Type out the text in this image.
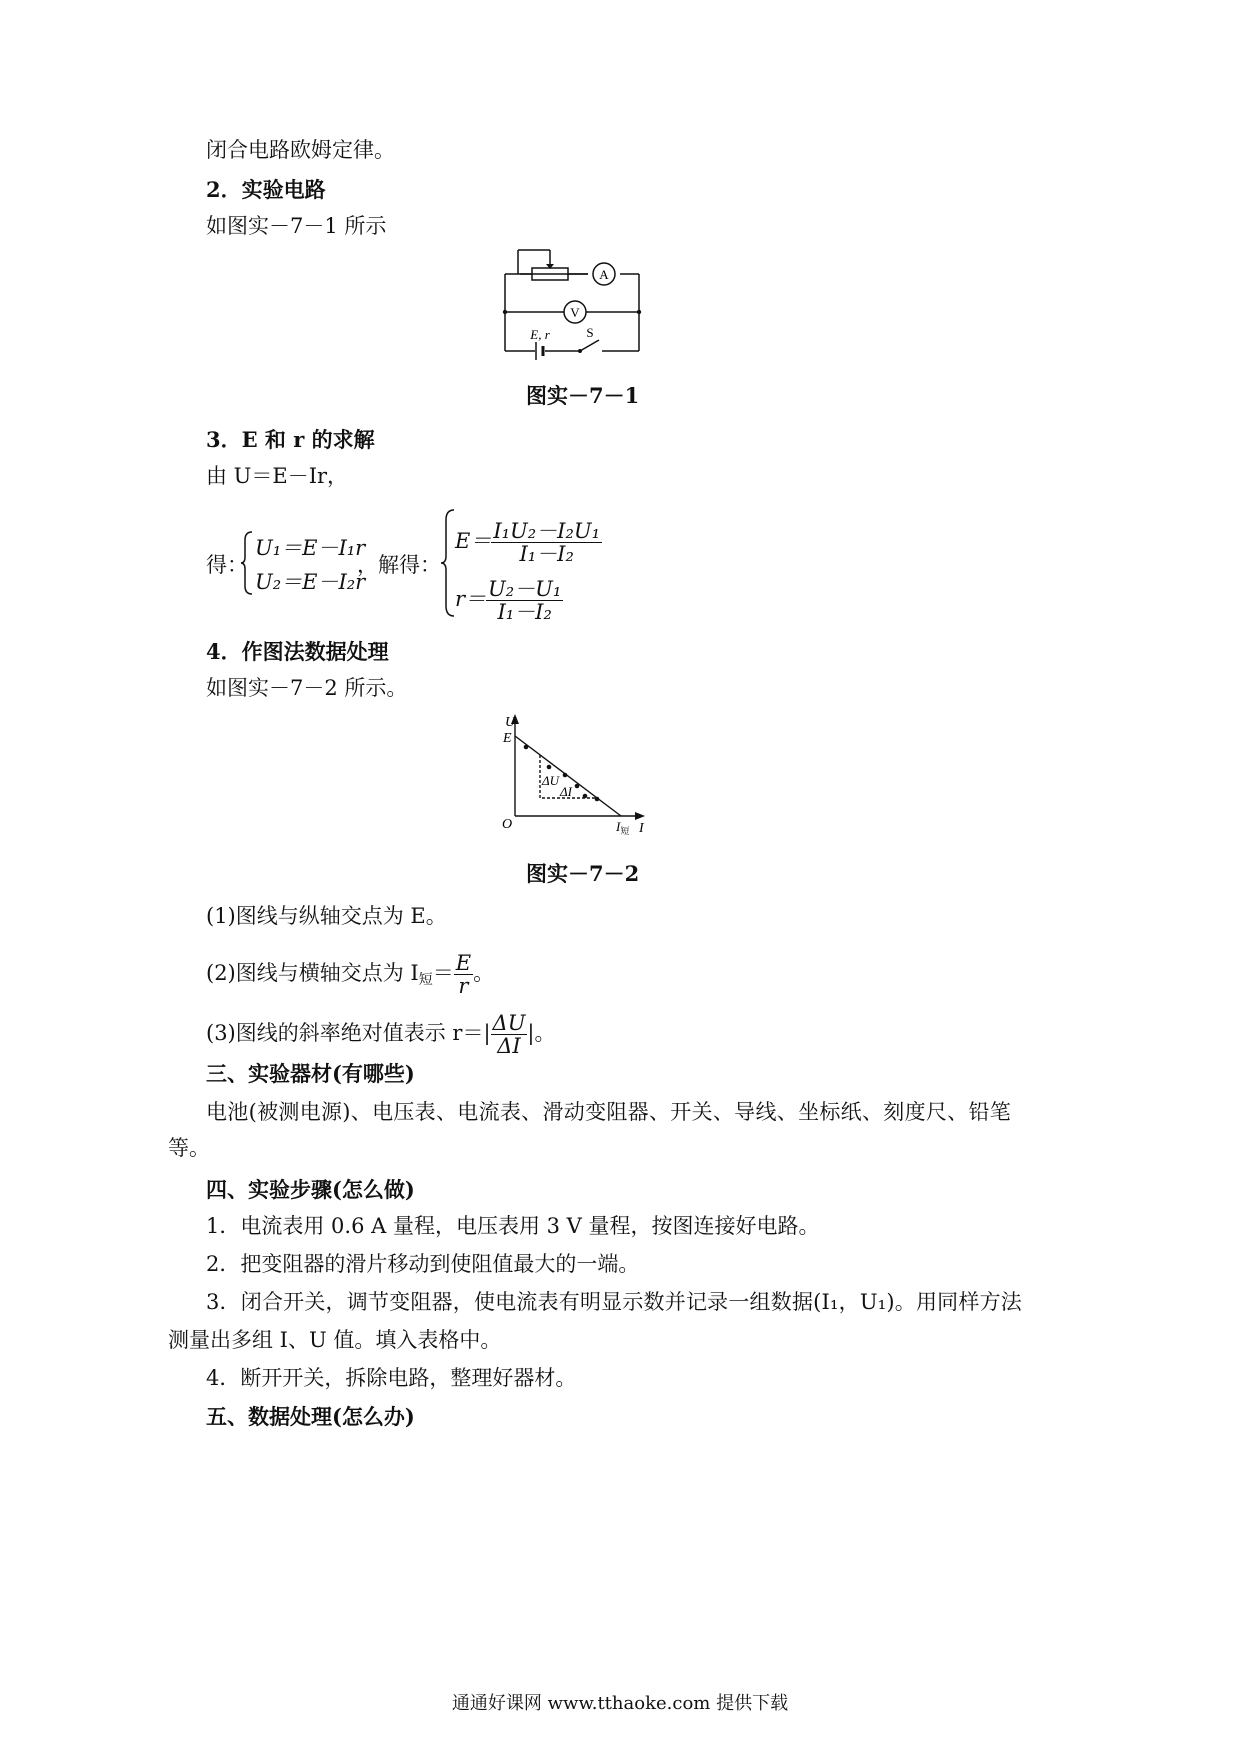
闭合电路欧姆定律。
2．实验电路
如图实－7－1 所示
A
V
E, r	S
图实－7－1
3．E 和 r 的求解
由 U＝E－Ir，
得：
U₁＝E－I₁r
U₂＝E－I₂r
，解得：
$E= \frac{\text{I₁U₂－I₂U₁}}{\text{I₁－I₂}}$
$r= \frac{\text{U₂－U₁}}{\text{I₁－I₂}}$
4．作图法数据处理
如图实－7－2 所示。
U
I
O
E
$I_短$
ΔU
ΔI
图实－7－2
(1)图线与纵轴交点为 E。
(2)图线与横轴交点为 $I_短= \frac{E}{r}$ 。
(3)图线的斜率绝对值表示 $r=| \frac{\Delta U}{\Delta I}$ |。
三、实验器材(有哪些)
电池(被测电源)、电压表、电流表、滑动变阻器、开关、导线、坐标纸、刻度尺、铅笔
等。
四、实验步骤(怎么做)
1．电流表用 0.6 A 量程，电压表用 3 V 量程，按图连接好电路。
2．把变阻器的滑片移动到使阻值最大的一端。
3．闭合开关，调节变阻器，使电流表有明显示数并记录一组数据(I₁，U₁)。用同样方法
测量出多组 I、U 值。填入表格中。
4．断开开关，拆除电路，整理好器材。
五、数据处理(怎么办)
通通好课网 www.tthaoke.com 提供下载
